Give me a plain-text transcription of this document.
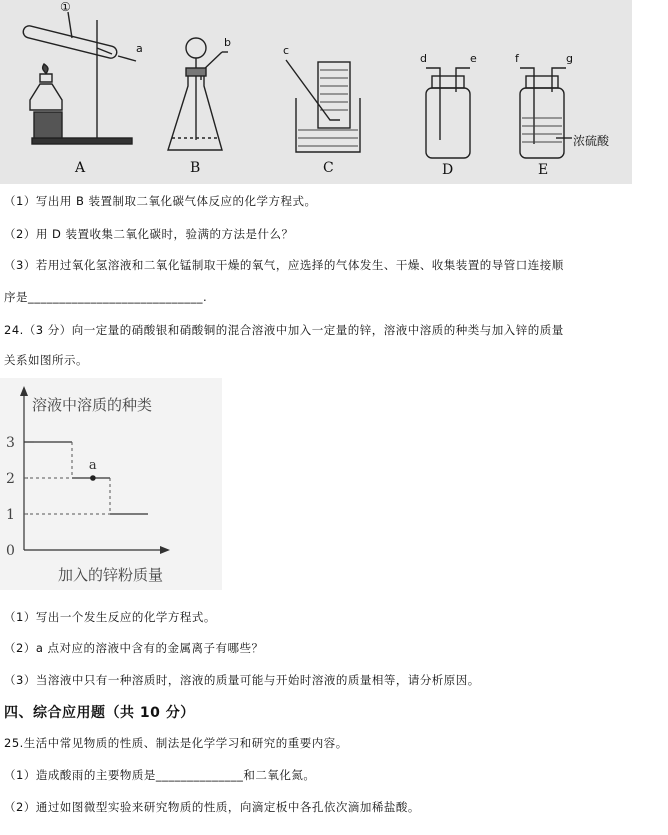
①
a	b
c
d	e	f	g
浓硫酸
A	B	C	D	E
（1）写出用 B 装置制取二氧化碳气体反应的化学方程式。
（2）用 D 装置收集二氧化碳时，验满的方法是什么？
（3）若用过氧化氢溶液和二氧化锰制取干燥的氧气，应选择的气体发生、干燥、收集装置的导管口连接顺
序是____________________________.
24.（3 分）向一定量的硝酸银和硝酸铜的混合溶液中加入一定量的锌，溶液中溶质的种类与加入锌的质量
关系如图所示。
溶液中溶质的种类
加入的锌粉质量
0
1
2
3
a
（1）写出一个发生反应的化学方程式。
（2）a 点对应的溶液中含有的金属离子有哪些？
（3）当溶液中只有一种溶质时，溶液的质量可能与开始时溶液的质量相等，请分析原因。
四、综合应用题（共 10 分）
25.生活中常见物质的性质、制法是化学学习和研究的重要内容。
（1）造成酸雨的主要物质是______________和二氧化氮。
（2）通过如图微型实验来研究物质的性质，向滴定板中各孔依次滴加稀盐酸。
